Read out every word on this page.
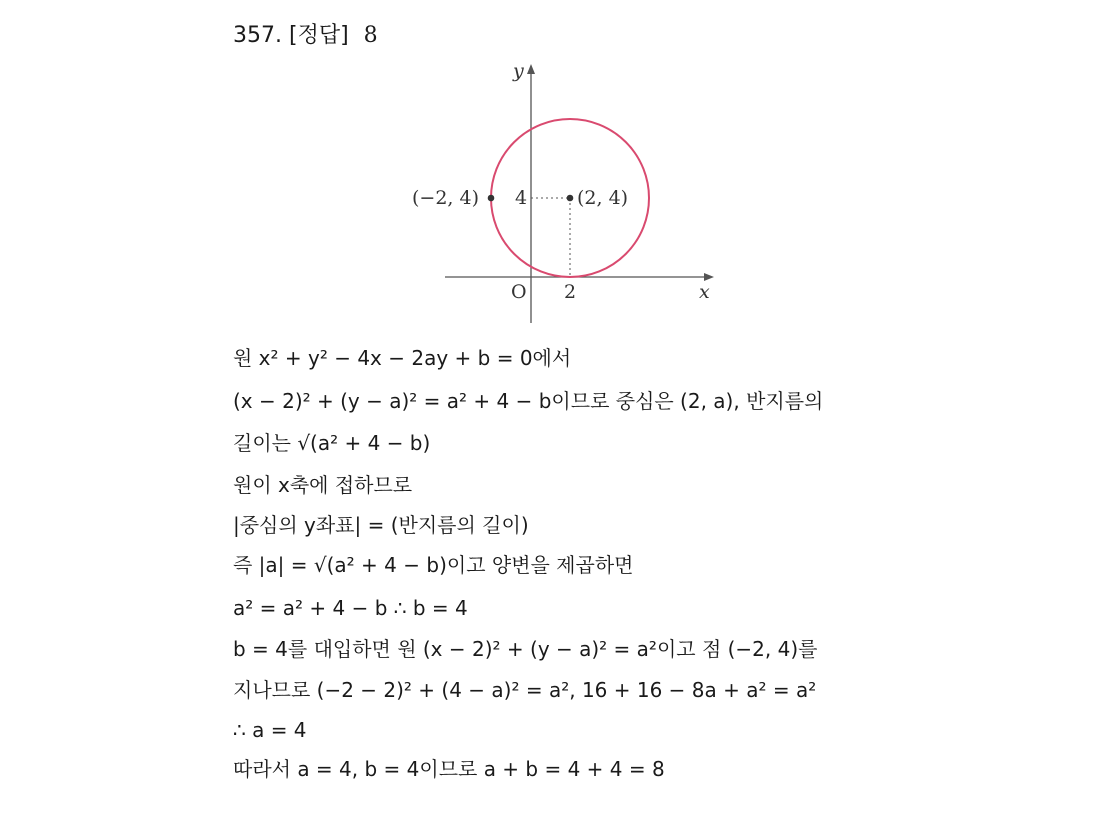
357. [정답] 8
y
x
O 2
4	(2, 4)
(−2, 4)
원 x² + y² − 4x − 2ay + b = 0에서
(x − 2)² + (y − a)² = a² + 4 − b이므로 중심은 (2, a), 반지름의
길이는 √(a² + 4 − b)
원이 x축에 접하므로
|중심의 y좌표| = (반지름의 길이)
즉 |a| = √(a² + 4 − b)이고 양변을 제곱하면
a² = a² + 4 − b ∴ b = 4
b = 4를 대입하면 원 (x − 2)² + (y − a)² = a²이고 점 (−2, 4)를
지나므로 (−2 − 2)² + (4 − a)² = a², 16 + 16 − 8a + a² = a²
∴ a = 4
따라서 a = 4, b = 4이므로 a + b = 4 + 4 = 8
